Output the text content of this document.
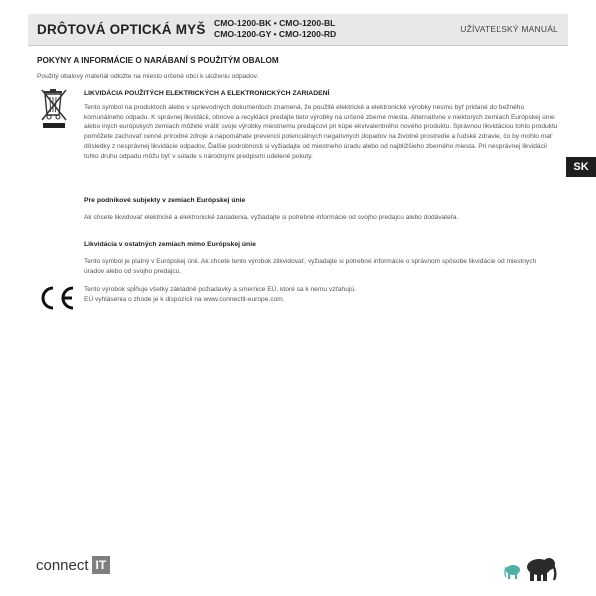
DRÔTOVÁ OPTICKÁ MYŠ CMO-1200-BK • CMO-1200-BL
CMO-1200-GY • CMO-1200-RD	UŽÍVATEĽSKÝ MANUÁL
SK
POKYNY A INFORMÁCIE O NARÁBANÍ S POUŽITÝM OBALOM
Použitý obalový materiál odložte na miesto určené obcí k uloženiu odpadov.
LIKVIDÁCIA POUŽITÝCH ELEKTRICKÝCH A ELEKTRONICKÝCH ZARIADENÍ
Tento symbol na produktoch alebo v sprievodných dokumentoch znamená, že použité elektrické a elektronické výrobky nesmú byť pridané do bežného komunálneho odpadu. K správnej likvidácii, obnove a recyklácii predajte tieto výrobky na určené zberné miesta. Alternatívne v niektorých zemiach Európskej únie alebo iných európskych zemiach môžete vrátiť svoje výrobky miestnemu predajcovi pri kúpe ekvivalentného nového produktu. Správnou likvidáciou tohto produktu pomôžete zachovať cenné prírodné zdroje a napomáhate prevencii potenciálnych negatívnych dopadov na životné prostredie a ľudské zdravie, čo by mohlo mať dôsledky z nesprávnej likvidácie odpadov. Ďalšie podrobnosti si vyžiadajte od miestneho úradu alebo od najbližšieho zberného miesta. Pri nesprávnej likvidácii tohto druhu odpadu môžu byť v súlade s národnými predpismi udelené pokuty.
Pre podnikové subjekty v zemiach Európskej únie
Ak chcete likvidovať elektrické a elektronické zariadenia, vyžiadajte si potrebné informácie od svojho predajcu alebo dodávateľa.
Likvidácia v ostatných zemiach mimo Európskej únie
Tento symbol je platný v Európskej únii. Ak chcete tento výrobok zlikvidovať, vyžiadajte si potrebné informácie o správnom spôsobe likvidácie od miestnych úradov alebo od svojho predajcu.
Tento výrobok spĺňuje všetky základné požiadavky a smernice EÚ, ktoré sa k nemu vzťahujú.
EÚ vyhlásenia o zhode je k dispozícii na www.connectit-europe.com.
connect IT
